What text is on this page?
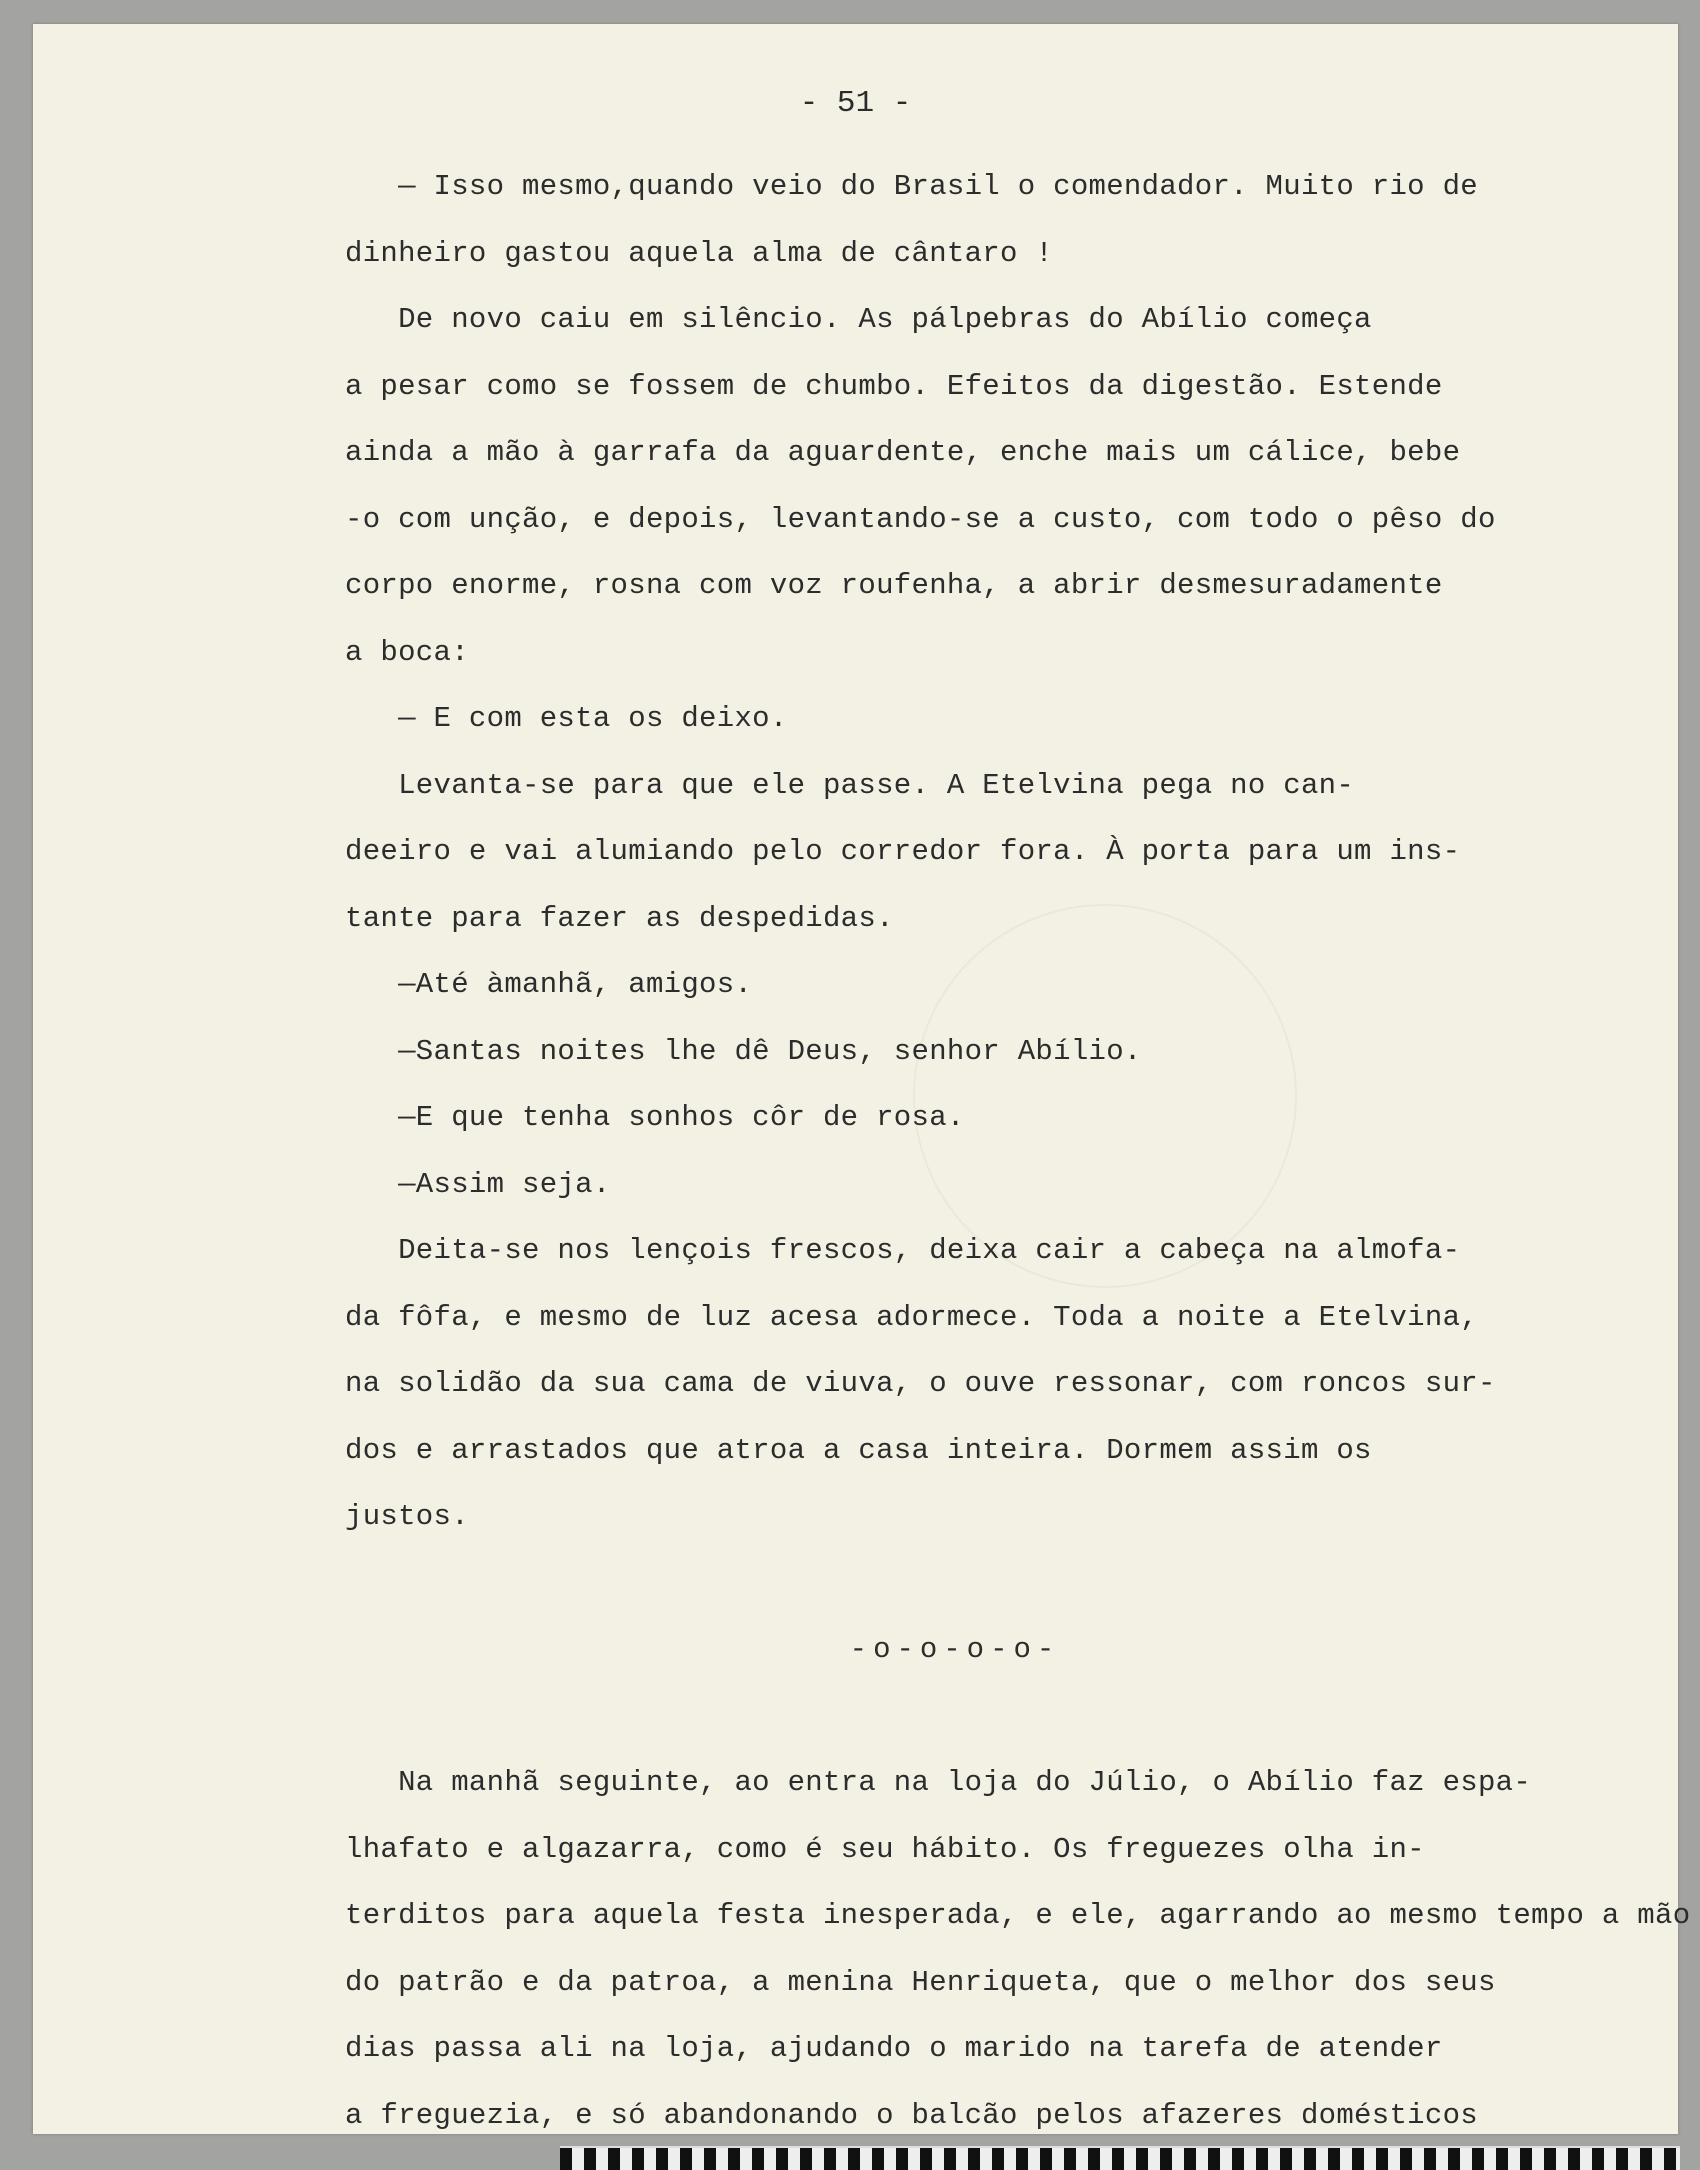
- 51 -
— Isso mesmo,quando veio do Brasil o comendador. Muito rio de
dinheiro gastou aquela alma de cântaro !
De novo caiu em silêncio. As pálpebras do Abílio começa
a pesar como se fossem de chumbo. Efeitos da digestão. Estende
ainda a mão à garrafa da aguardente, enche mais um cálice, bebe
-o com unção, e depois, levantando-se a custo, com todo o pêso do
corpo enorme, rosna com voz roufenha, a abrir desmesuradamente
a boca:
— E com esta os deixo.
Levanta-se para que ele passe. A Etelvina pega no can-
deeiro e vai alumiando pelo corredor fora. À porta para um ins-
tante para fazer as despedidas.
—Até àmanhã, amigos.
—Santas noites lhe dê Deus, senhor Abílio.
—E que tenha sonhos côr de rosa.
—Assim seja.
Deita-se nos lençois frescos, deixa cair a cabeça na almofa-
da fôfa, e mesmo de luz acesa adormece. Toda a noite a Etelvina,
na solidão da sua cama de viuva, o ouve ressonar, com roncos sur-
dos e arrastados que atroa a casa inteira. Dormem assim os
justos.
-o-o-o-o-
Na manhã seguinte, ao entra na loja do Júlio, o Abílio faz espa-
lhafato e algazarra, como é seu hábito. Os freguezes olha in-
terditos para aquela festa inesperada, e ele, agarrando ao mesmo tempo a mão
do patrão e da patroa, a menina Henriqueta, que o melhor dos seus
dias passa ali na loja, ajudando o marido na tarefa de atender
a freguezia, e só abandonando o balcão pelos afazeres domésticos
